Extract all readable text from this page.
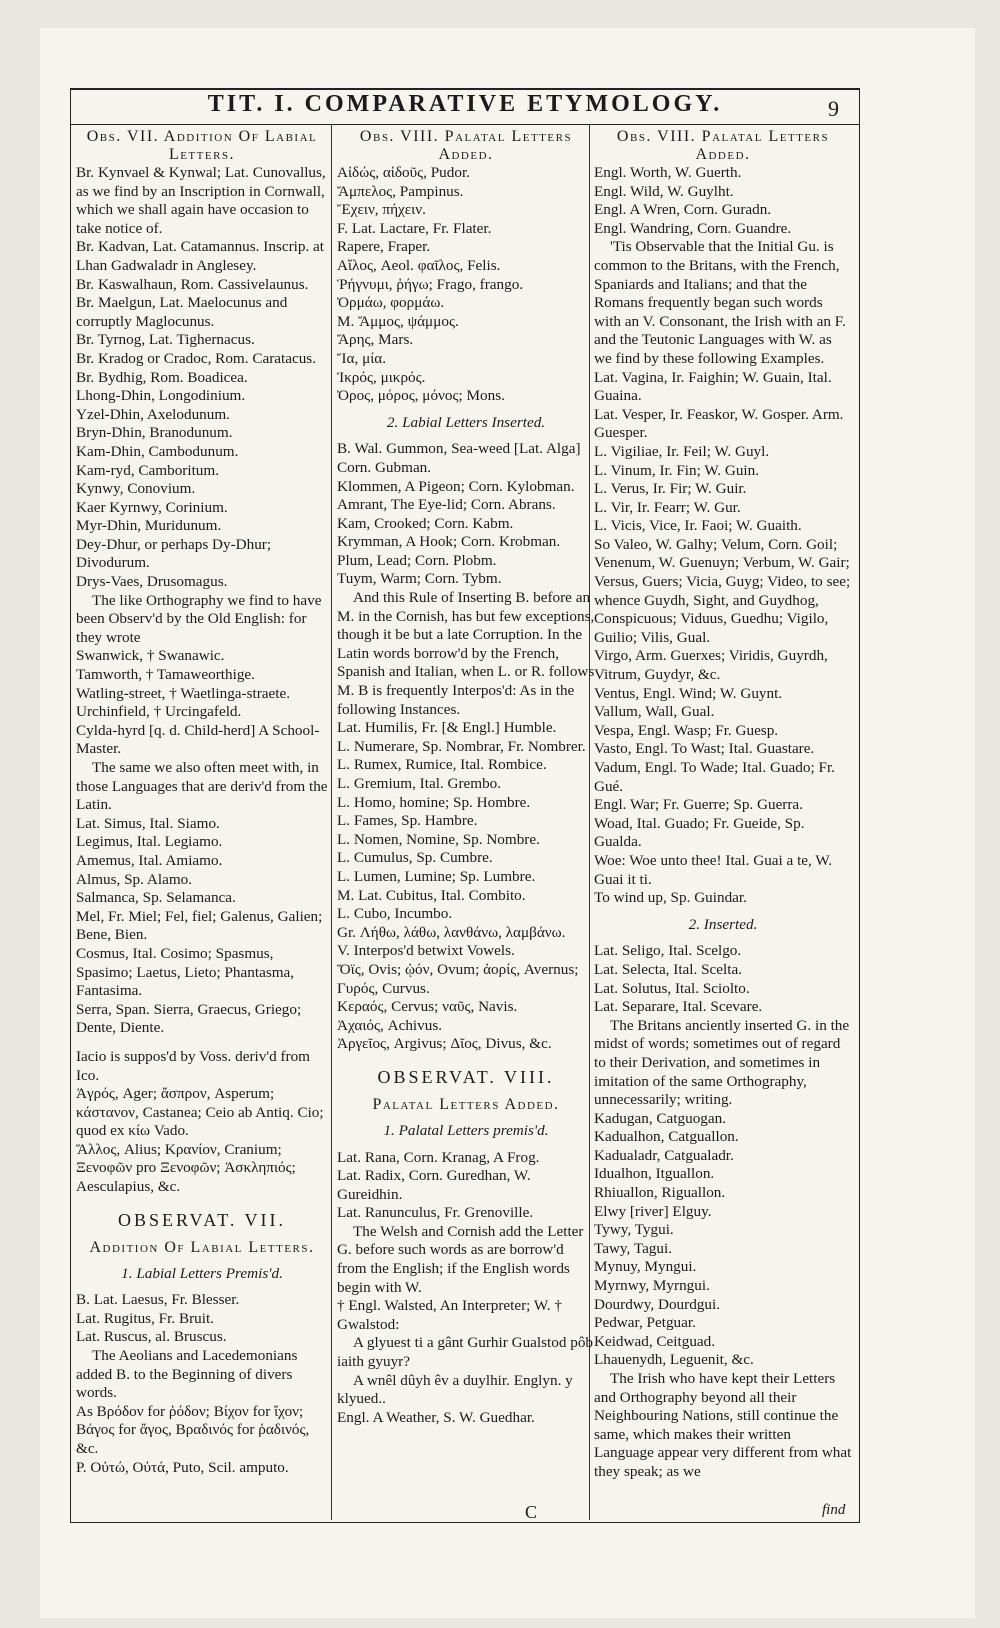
TIT. I. COMPARATIVE ETYMOLOGY.	9

Obs. VII. Addition Of Labial Letters.

Br. Kynvael & Kynwal; Lat. Cunovallus, as we find by an Inscription in Cornwall, which we shall again have occasion to take notice of.

Br. Kadvan, Lat. Catamannus. Inscrip. at Lhan Gadwaladr in Anglesey.

Br. Kaswalhaun, Rom. Cassivelaunus.

Br. Maelgun, Lat. Maelocunus and corruptly Maglocunus.

Br. Tyrnog, Lat. Tighernacus.

Br. Kradog or Cradoc, Rom. Caratacus.

Br. Bydhig, Rom. Boadicea.

Lhong-Dhin, Longodinium.

Yzel-Dhin, Axelodunum.

Bryn-Dhin, Branodunum.

Kam-Dhin, Cambodunum.

Kam-ryd, Camboritum.

Kynwy, Conovium.

Kaer Kyrnwy, Corinium.

Myr-Dhin, Muridunum.

Dey-Dhur, or perhaps Dy-Dhur; Divodurum.

Drys-Vaes, Drusomagus.

The like Orthography we find to have been Observ'd by the Old English: for they wrote

Swanwick, † Swanawic.

Tamworth, † Tamaweorthige.

Watling-street, † Waetlinga-straete.

Urchinfield, † Urcingafeld.

Cylda-hyrd [q. d. Child-herd] A School-Master.

The same we also often meet with, in those Languages that are deriv'd from the Latin.

Lat. Simus, Ital. Siamo.

Legimus, Ital. Legiamo.

Amemus, Ital. Amiamo.

Almus, Sp. Alamo.

Salmanca, Sp. Selamanca.

Mel, Fr. Miel; Fel, fiel; Galenus, Galien; Bene, Bien.

Cosmus, Ital. Cosimo; Spasmus, Spasimo; Laetus, Lieto; Phantasma, Fantasima.

Serra, Span. Sierra, Graecus, Griego; Dente, Diente.

Iacio is suppos'd by Voss. deriv'd from Ico.

Ἀγρός, Ager; ἄσπρον, Asperum; κάστανον, Castanea; Ceio ab Antiq. Cio; quod ex κίω Vado.

Ἄλλος, Alius; Κρανίον, Cranium; Ξενοφῶν pro Ξενοφῶν; Ἀσκληπιός; Aesculapius, &c.

OBSERVAT. VII.

Addition Of Labial Letters.

1. Labial Letters Premis'd.

B. Lat. Laesus, Fr. Blesser.

Lat. Rugitus, Fr. Bruit.

Lat. Ruscus, al. Bruscus.

The Aeolians and Lacedemonians added B. to the Beginning of divers words.

As Βρόδον for ῥόδον; Βίχον for ἴχον; Βάγος for ἄγος, Βραδινός for ῥαδινός, &c.

P. Οὐτώ, Οὐτά, Puto, Scil. amputo.

Obs. VIII. Palatal Letters Added.

Αἰδώς, αἰδοῦς, Pudor.

Ἄμπελος, Pampinus.

Ἔχειν, πήχειν.

F. Lat. Lactare, Fr. Flater.

Rapere, Fraper.

Αἴλος, Aeol. φαῖλος, Felis.

Ῥήγνυμι, ῥήγω; Frago, frango.

Ὀρμάω, φορμάω.

M. Ἄμμος, ψάμμος.

Ἄρης, Mars.

Ἴα, μία.

Ἰκρός, μικρός.

Ὀρος, μόρος, μόνος; Mons.

2. Labial Letters Inserted.

B. Wal. Gummon, Sea-weed [Lat. Alga] Corn. Gubman.

Klommen, A Pigeon; Corn. Kylobman.

Amrant, The Eye-lid; Corn. Abrans.

Kam, Crooked; Corn. Kabm.

Krymman, A Hook; Corn. Krobman.

Plum, Lead; Corn. Plobm.

Tuym, Warm; Corn. Tybm.

And this Rule of Inserting B. before an M. in the Cornish, has but few exceptions, though it be but a late Corruption. In the Latin words borrow'd by the French, Spanish and Italian, when L. or R. follows M. B is frequently Interpos'd: As in the following Instances.

Lat. Humilis, Fr. [& Engl.] Humble.

L. Numerare, Sp. Nombrar, Fr. Nombrer.

L. Rumex, Rumice, Ital. Rombice.

L. Gremium, Ital. Grembo.

L. Homo, homine; Sp. Hombre.

L. Fames, Sp. Hambre.

L. Nomen, Nomine, Sp. Nombre.

L. Cumulus, Sp. Cumbre.

L. Lumen, Lumine; Sp. Lumbre.

M. Lat. Cubitus, Ital. Combito.

L. Cubo, Incumbo.

Gr. Λήθω, λάθω, λανθάνω, λαμβάνω.

V. Interpos'd betwixt Vowels.

Ὄϊς, Ovis; ᾠόν, Ovum; ἀορίς, Avernus; Γυρός, Curvus.

Κεραός, Cervus; ναῦς, Navis.

Ἀχαιός, Achivus.

Ἀργεῖος, Argivus; Δῖος, Divus, &c.

OBSERVAT. VIII.

Palatal Letters Added.

1. Palatal Letters premis'd.

Lat. Rana, Corn. Kranag, A Frog.

Lat. Radix, Corn. Guredhan, W. Gureidhin.

Lat. Ranunculus, Fr. Grenoville.

The Welsh and Cornish add the Letter G. before such words as are borrow'd from the English; if the English words begin with W.

† Engl. Walsted, An Interpreter; W. † Gwalstod:

A glyuest ti a gânt Gurhir Gualstod pôb iaith gyuyr?

A wnêl dûyh êv a duylhir. Englyn. y klyued..

Engl. A Weather, S. W. Guedhar.

Obs. VIII. Palatal Letters Added.

Engl. Worth, W. Guerth.

Engl. Wild, W. Guylht.

Engl. A Wren, Corn. Guradn.

Engl. Wandring, Corn. Guandre.

'Tis Observable that the Initial Gu. is common to the Britans, with the French, Spaniards and Italians; and that the Romans frequently began such words with an V. Consonant, the Irish with an F. and the Teutonic Languages with W. as we find by these following Examples.

Lat. Vagina, Ir. Faighin; W. Guain, Ital. Guaina.

Lat. Vesper, Ir. Feaskor, W. Gosper. Arm. Guesper.

L. Vigiliae, Ir. Feil; W. Guyl.

L. Vinum, Ir. Fin; W. Guin.

L. Verus, Ir. Fir; W. Guir.

L. Vir, Ir. Fearr; W. Gur.

L. Vicis, Vice, Ir. Faoi; W. Guaith.

So Valeo, W. Galhy; Velum, Corn. Goil; Venenum, W. Guenuyn; Verbum, W. Gair; Versus, Guers; Vicia, Guyg; Video, to see; whence Guydh, Sight, and Guydhog, Conspicuous; Viduus, Guedhu; Vigilo, Guilio; Vilis, Gual.

Virgo, Arm. Guerxes; Viridis, Guyrdh, Vitrum, Guydyr, &c.

Ventus, Engl. Wind; W. Guynt.

Vallum, Wall, Gual.

Vespa, Engl. Wasp; Fr. Guesp.

Vasto, Engl. To Wast; Ital. Guastare.

Vadum, Engl. To Wade; Ital. Guado; Fr. Gué.

Engl. War; Fr. Guerre; Sp. Guerra.

Woad, Ital. Guado; Fr. Gueide, Sp. Gualda.

Woe: Woe unto thee! Ital. Guai a te, W. Guai it ti.

To wind up, Sp. Guindar.

2. Inserted.

Lat. Seligo, Ital. Scelgo.

Lat. Selecta, Ital. Scelta.

Lat. Solutus, Ital. Sciolto.

Lat. Separare, Ital. Scevare.

The Britans anciently inserted G. in the midst of words; sometimes out of regard to their Derivation, and sometimes in imitation of the same Orthography, unnecessarily; writing.

Kadugan, Catguogan.

Kadualhon, Catguallon.

Kadualadr, Catgualadr.

Idualhon, Itguallon.

Rhiuallon, Riguallon.

Elwy [river] Elguy.

Tywy, Tygui.

Tawy, Tagui.

Mynuy, Myngui.

Myrnwy, Myrngui.

Dourdwy, Dourdgui.

Pedwar, Petguar.

Keidwad, Ceitguad.

Lhauenydh, Leguenit, &c.

The Irish who have kept their Letters and Orthography beyond all their Neighbouring Nations, still continue the same, which makes their written Language appear very different from what they speak; as we

C	find
